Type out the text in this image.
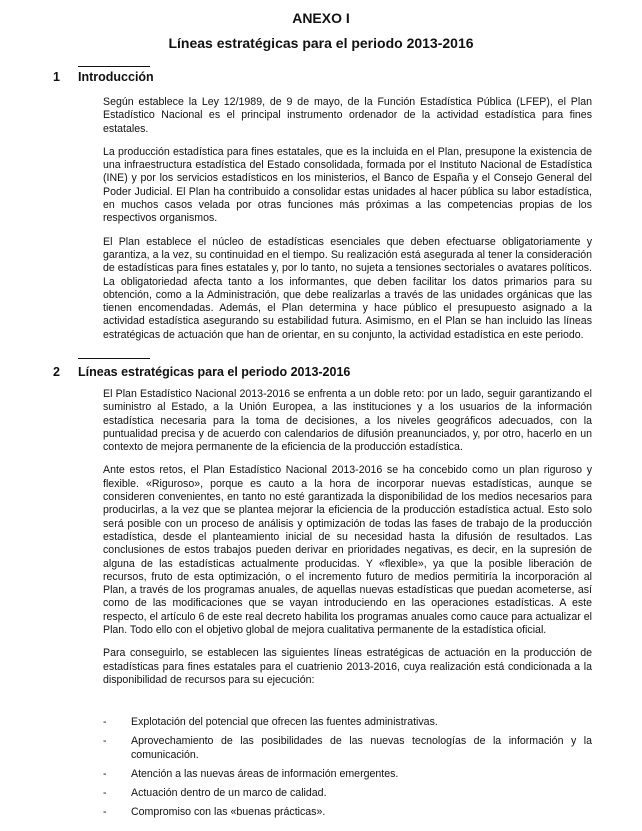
ANEXO I
Líneas estratégicas para el periodo 2013-2016
1 Introducción

Según establece la Ley 12/1989, de 9 de mayo, de la Función Estadística Pública (LFEP), el Plan Estadístico Nacional es el principal instrumento ordenador de la actividad estadística para fines estatales.

La producción estadística para fines estatales, que es la incluida en el Plan, presupone la existencia de una infraestructura estadística del Estado consolidada, formada por el Instituto Nacional de Estadística (INE) y por los servicios estadísticos en los ministerios, el Banco de España y el Consejo General del Poder Judicial. El Plan ha contribuido a consolidar estas unidades al hacer pública su labor estadística, en muchos casos velada por otras funciones más próximas a las competencias propias de los respectivos organismos.

El Plan establece el núcleo de estadísticas esenciales que deben efectuarse obligatoriamente y garantiza, a la vez, su continuidad en el tiempo. Su realización está asegurada al tener la consideración de estadísticas para fines estatales y, por lo tanto, no sujeta a tensiones sectoriales o avatares políticos. La obligatoriedad afecta tanto a los informantes, que deben facilitar los datos primarios para su obtención, como a la Administración, que debe realizarlas a través de las unidades orgánicas que las tienen encomendadas. Además, el Plan determina y hace público el presupuesto asignado a la actividad estadística asegurando su estabilidad futura. Asimismo, en el Plan se han incluido las líneas estratégicas de actuación que han de orientar, en su conjunto, la actividad estadística en este periodo.

2 Líneas estratégicas para el periodo 2013-2016

El Plan Estadístico Nacional 2013-2016 se enfrenta a un doble reto: por un lado, seguir garantizando el suministro al Estado, a la Unión Europea, a las instituciones y a los usuarios de la información estadística necesaria para la toma de decisiones, a los niveles geográficos adecuados, con la puntualidad precisa y de acuerdo con calendarios de difusión preanunciados, y, por otro, hacerlo en un contexto de mejora permanente de la eficiencia de la producción estadística.

Ante estos retos, el Plan Estadístico Nacional 2013-2016 se ha concebido como un plan riguroso y flexible. «Riguroso», porque es cauto a la hora de incorporar nuevas estadísticas, aunque se consideren convenientes, en tanto no esté garantizada la disponibilidad de los medios necesarios para producirlas, a la vez que se plantea mejorar la eficiencia de la producción estadística actual. Esto solo será posible con un proceso de análisis y optimización de todas las fases de trabajo de la producción estadística, desde el planteamiento inicial de su necesidad hasta la difusión de resultados. Las conclusiones de estos trabajos pueden derivar en prioridades negativas, es decir, en la supresión de alguna de las estadísticas actualmente producidas. Y «flexible», ya que la posible liberación de recursos, fruto de esta optimización, o el incremento futuro de medios permitiría la incorporación al Plan, a través de los programas anuales, de aquellas nuevas estadísticas que puedan acometerse, así como de las modificaciones que se vayan introduciendo en las operaciones estadísticas. A este respecto, el artículo 6 de este real decreto habilita los programas anuales como cauce para actualizar el Plan. Todo ello con el objetivo global de mejora cualitativa permanente de la estadística oficial.

Para conseguirlo, se establecen las siguientes líneas estratégicas de actuación en la producción de estadísticas para fines estatales para el cuatrienio 2013-2016, cuya realización está condicionada a la disponibilidad de recursos para su ejecución:

- Explotación del potencial que ofrecen las fuentes administrativas.
- Aprovechamiento de las posibilidades de las nuevas tecnologías de la información y la comunicación.
- Atención a las nuevas áreas de información emergentes.
- Actuación dentro de un marco de calidad.
- Compromiso con las «buenas prácticas».
